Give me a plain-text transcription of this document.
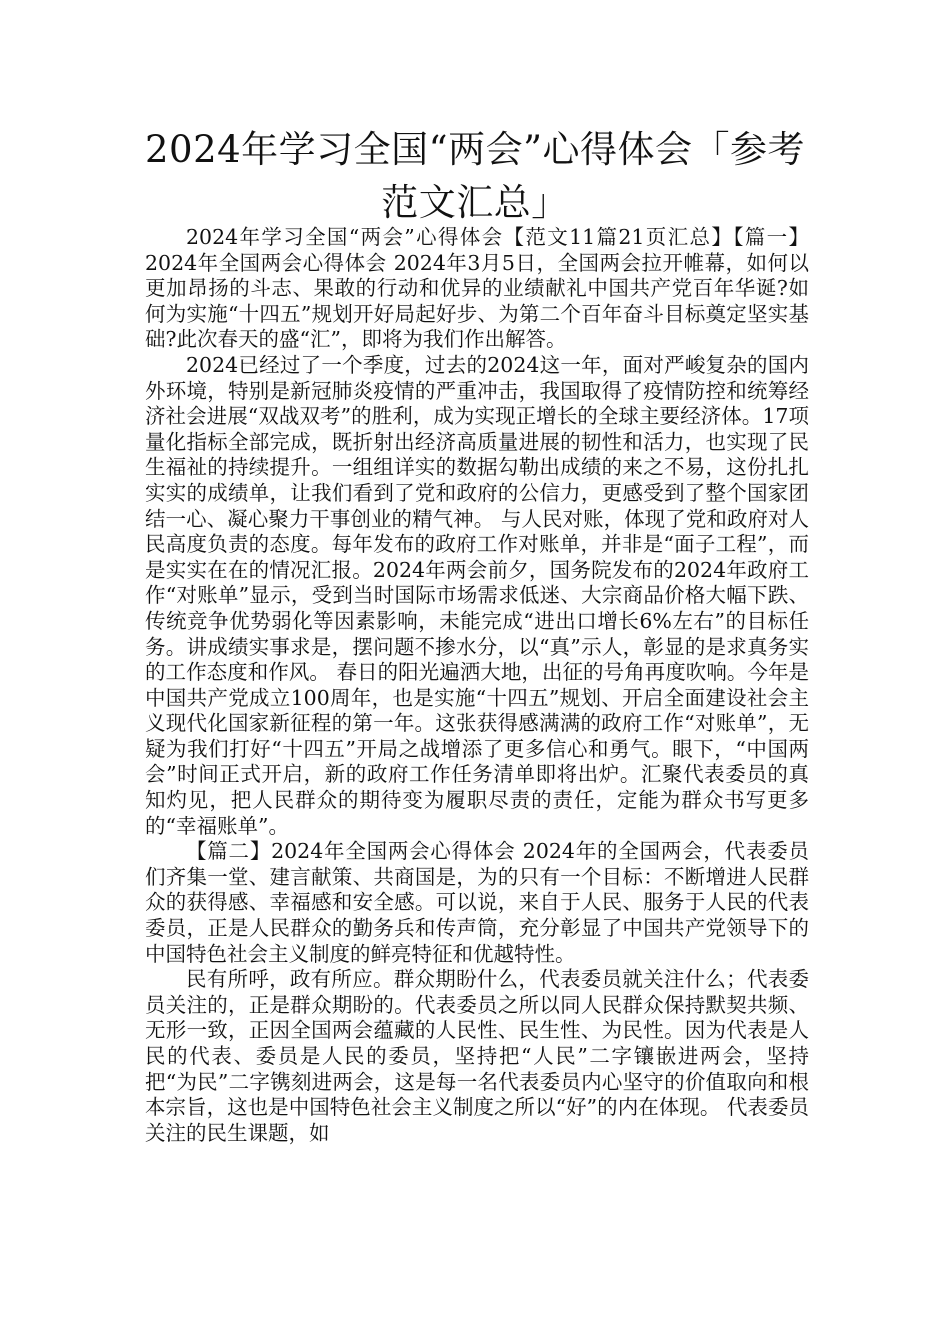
2024年学习全国“两会”心得体会「参考范文汇总」

2024年学习全国“两会”心得体会【范文11篇21页汇总】【篇一】2024年全国两会心得体会 2024年3月5日，全国两会拉开帷幕，如何以更加昂扬的斗志、果敢的行动和优异的业绩献礼中国共产党百年华诞?如何为实施“十四五”规划开好局起好步、为第二个百年奋斗目标奠定坚实基础?此次春天的盛“汇”，即将为我们作出解答。

2024已经过了一个季度，过去的2024这一年，面对严峻复杂的国内外环境，特别是新冠肺炎疫情的严重冲击，我国取得了疫情防控和统筹经济社会进展“双战双考”的胜利，成为实现正增长的全球主要经济体。17项量化指标全部完成，既折射出经济高质量进展的韧性和活力，也实现了民生福祉的持续提升。一组组详实的数据勾勒出成绩的来之不易，这份扎扎实实的成绩单，让我们看到了党和政府的公信力，更感受到了整个国家团结一心、凝心聚力干事创业的精气神。 与人民对账，体现了党和政府对人民高度负责的态度。每年发布的政府工作对账单，并非是“面子工程”，而是实实在在的情况汇报。2024年两会前夕，国务院发布的2024年政府工作“对账单”显示，受到当时国际市场需求低迷、大宗商品价格大幅下跌、传统竞争优势弱化等因素影响，未能完成“进出口增长6%左右”的目标任务。讲成绩实事求是，摆问题不掺水分，以“真”示人，彰显的是求真务实的工作态度和作风。 春日的阳光遍洒大地，出征的号角再度吹响。今年是中国共产党成立100周年，也是实施“十四五”规划、开启全面建设社会主义现代化国家新征程的第一年。这张获得感满满的政府工作“对账单”，无疑为我们打好“十四五”开局之战增添了更多信心和勇气。眼下，“中国两会”时间正式开启，新的政府工作任务清单即将出炉。汇聚代表委员的真知灼见，把人民群众的期待变为履职尽责的责任，定能为群众书写更多的“幸福账单”。

【篇二】2024年全国两会心得体会 2024年的全国两会，代表委员们齐集一堂、建言献策、共商国是，为的只有一个目标：不断增进人民群众的获得感、幸福感和安全感。可以说，来自于人民、服务于人民的代表委员，正是人民群众的勤务兵和传声筒，充分彰显了中国共产党领导下的中国特色社会主义制度的鲜亮特征和优越特性。

民有所呼，政有所应。群众期盼什么，代表委员就关注什么；代表委员关注的，正是群众期盼的。代表委员之所以同人民群众保持默契共频、无形一致，正因全国两会蕴藏的人民性、民生性、为民性。因为代表是人民的代表、委员是人民的委员，坚持把“人民”二字镶嵌进两会，坚持把“为民”二字镌刻进两会，这是每一名代表委员内心坚守的价值取向和根本宗旨，这也是中国特色社会主义制度之所以“好”的内在体现。 代表委员关注的民生课题，如
